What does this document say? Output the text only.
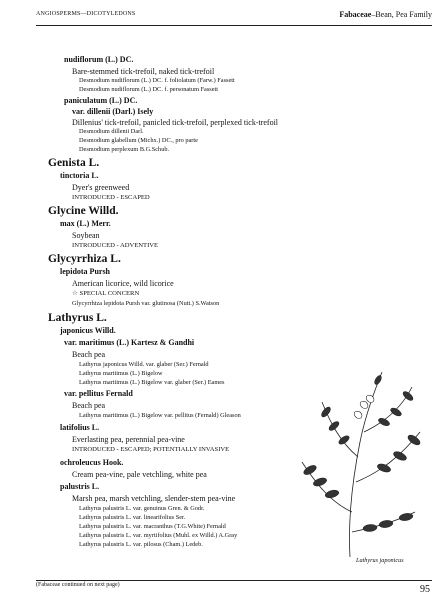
ANGIOSPERMS—DICOTYLEDONS	Fabaceae–Bean, Pea Family
nudiflorum (L.) DC.
Bare-stemmed tick-trefoil, naked tick-trefoil
Desmodium nudiflorum (L.) DC. f. foliolatum (Farw.) Fassett
Desmodium nudiflorum (L.) DC. f. personatum Fassett
paniculatum (L.) DC.
var. dillenii (Darl.) Isely
Dillenius' tick-trefoil, panicled tick-trefoil, perplexed tick-trefoil
Desmodium dillenii Darl.
Desmodium glabellum (Michx.) DC., pro parte
Desmodium perplexum B.G.Schub.
Genista L.
tinctoria L.
Dyer's greenweed
INTRODUCED - ESCAPED
Glycine Willd.
max (L.) Merr.
Soybean
INTRODUCED - ADVENTIVE
Glycyrrhiza L.
lepidota Pursh
American licorice, wild licorice
☆ SPECIAL CONCERN
Glycyrrhiza lepidota Pursh var. glutinosa (Nutt.) S.Watson
Lathyrus L.
japonicus Willd.
var. maritimus (L.) Kartesz & Gandhi
Beach pea
Lathyrus japonicus Willd. var. glaber (Ser.) Fernald
Lathyrus maritimus (L.) Bigelow
Lathyrus maritimus (L.) Bigelow var. glaber (Ser.) Eames
var. pellitus Fernald
Beach pea
Lathyrus maritimus (L.) Bigelow var. pellitus (Fernald) Gleason
latifolius L.
Everlasting pea, perennial pea-vine
INTRODUCED - ESCAPED; POTENTIALLY INVASIVE
ochroleucus Hook.
Cream pea-vine, pale vetchling, white pea
palustris L.
Marsh pea, marsh vetchling, slender-stem pea-vine
Lathyrus palustris L. var. genuinus Gren. & Godr.
Lathyrus palustris L. var. linearifolius Ser.
Lathyrus palustris L. var. macranthus (T.G.White) Fernald
Lathyrus palustris L. var. myrtifolius (Muhl. ex Willd.) A.Gray
Lathyrus palustris L. var. pilosus (Cham.) Ledeb.
Lathyrus japonicus
(Fabaceae continued on next page)	95
